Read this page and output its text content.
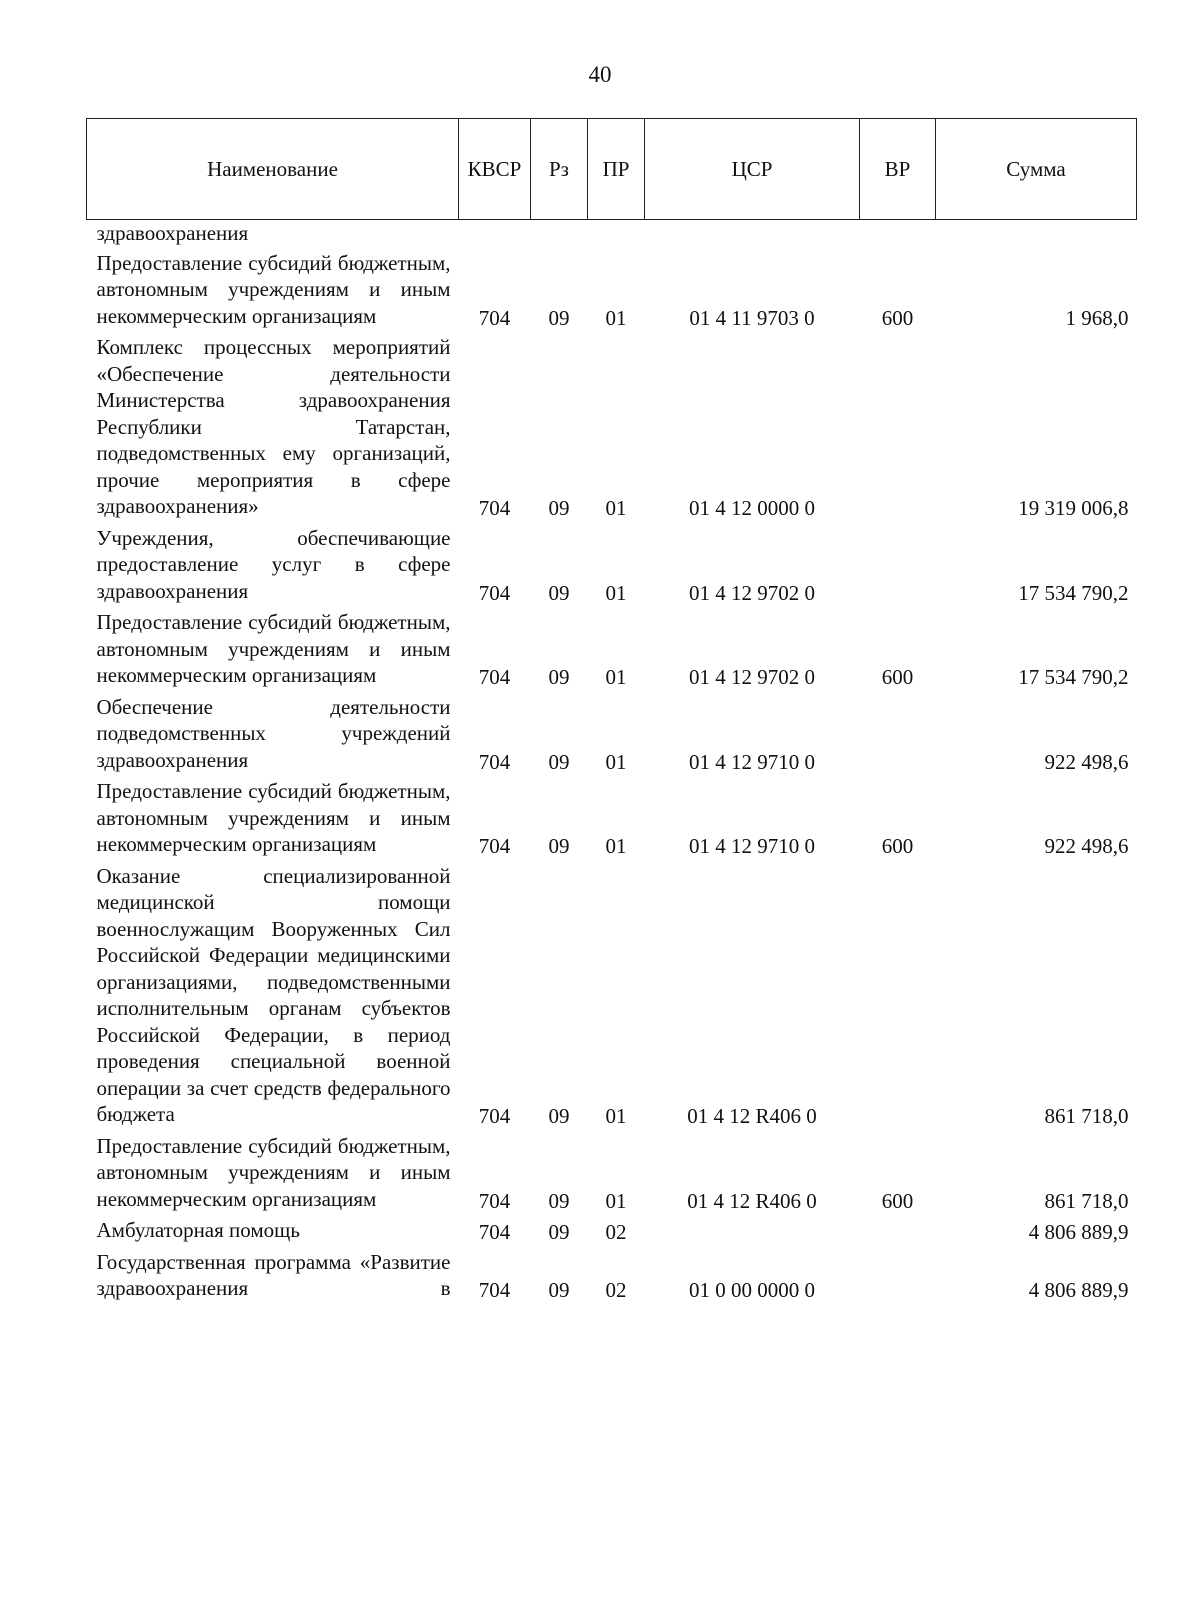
40
Наименование	КВСР	Рз	ПР	ЦСР	ВР	Сумма
здравоохранения						
Предоставление субсидий бюджетным, автономным учреждениям и иным некоммерческим организациям	704	09	01	01 4 11 9703 0	600	1 968,0
Комплекс процессных мероприятий «Обеспечение деятельности Министерства здравоохранения Республики Татарстан, подведомственных ему организаций, прочие мероприятия в сфере здравоохранения»	704	09	01	01 4 12 0000 0		19 319 006,8
Учреждения, обеспечивающие предоставление услуг в сфере здравоохранения	704	09	01	01 4 12 9702 0		17 534 790,2
Предоставление субсидий бюджетным, автономным учреждениям и иным некоммерческим организациям	704	09	01	01 4 12 9702 0	600	17 534 790,2
Обеспечение деятельности подведомственных учреждений здравоохранения	704	09	01	01 4 12 9710 0		922 498,6
Предоставление субсидий бюджетным, автономным учреждениям и иным некоммерческим организациям	704	09	01	01 4 12 9710 0	600	922 498,6
Оказание специализированной медицинской помощи военнослужащим Вооруженных Сил Российской Федерации медицинскими организациями, подведомственными исполнительным органам субъектов Российской Федерации, в период проведения специальной военной операции за счет средств федерального бюджета	704	09	01	01 4 12 R406 0		861 718,0
Предоставление субсидий бюджетным, автономным учреждениям и иным некоммерческим организациям	704	09	01	01 4 12 R406 0	600	861 718,0
Амбулаторная помощь	704	09	02			4 806 889,9
Государственная программа «Развитие здравоохранения в	704	09	02	01 0 00 0000 0		4 806 889,9
